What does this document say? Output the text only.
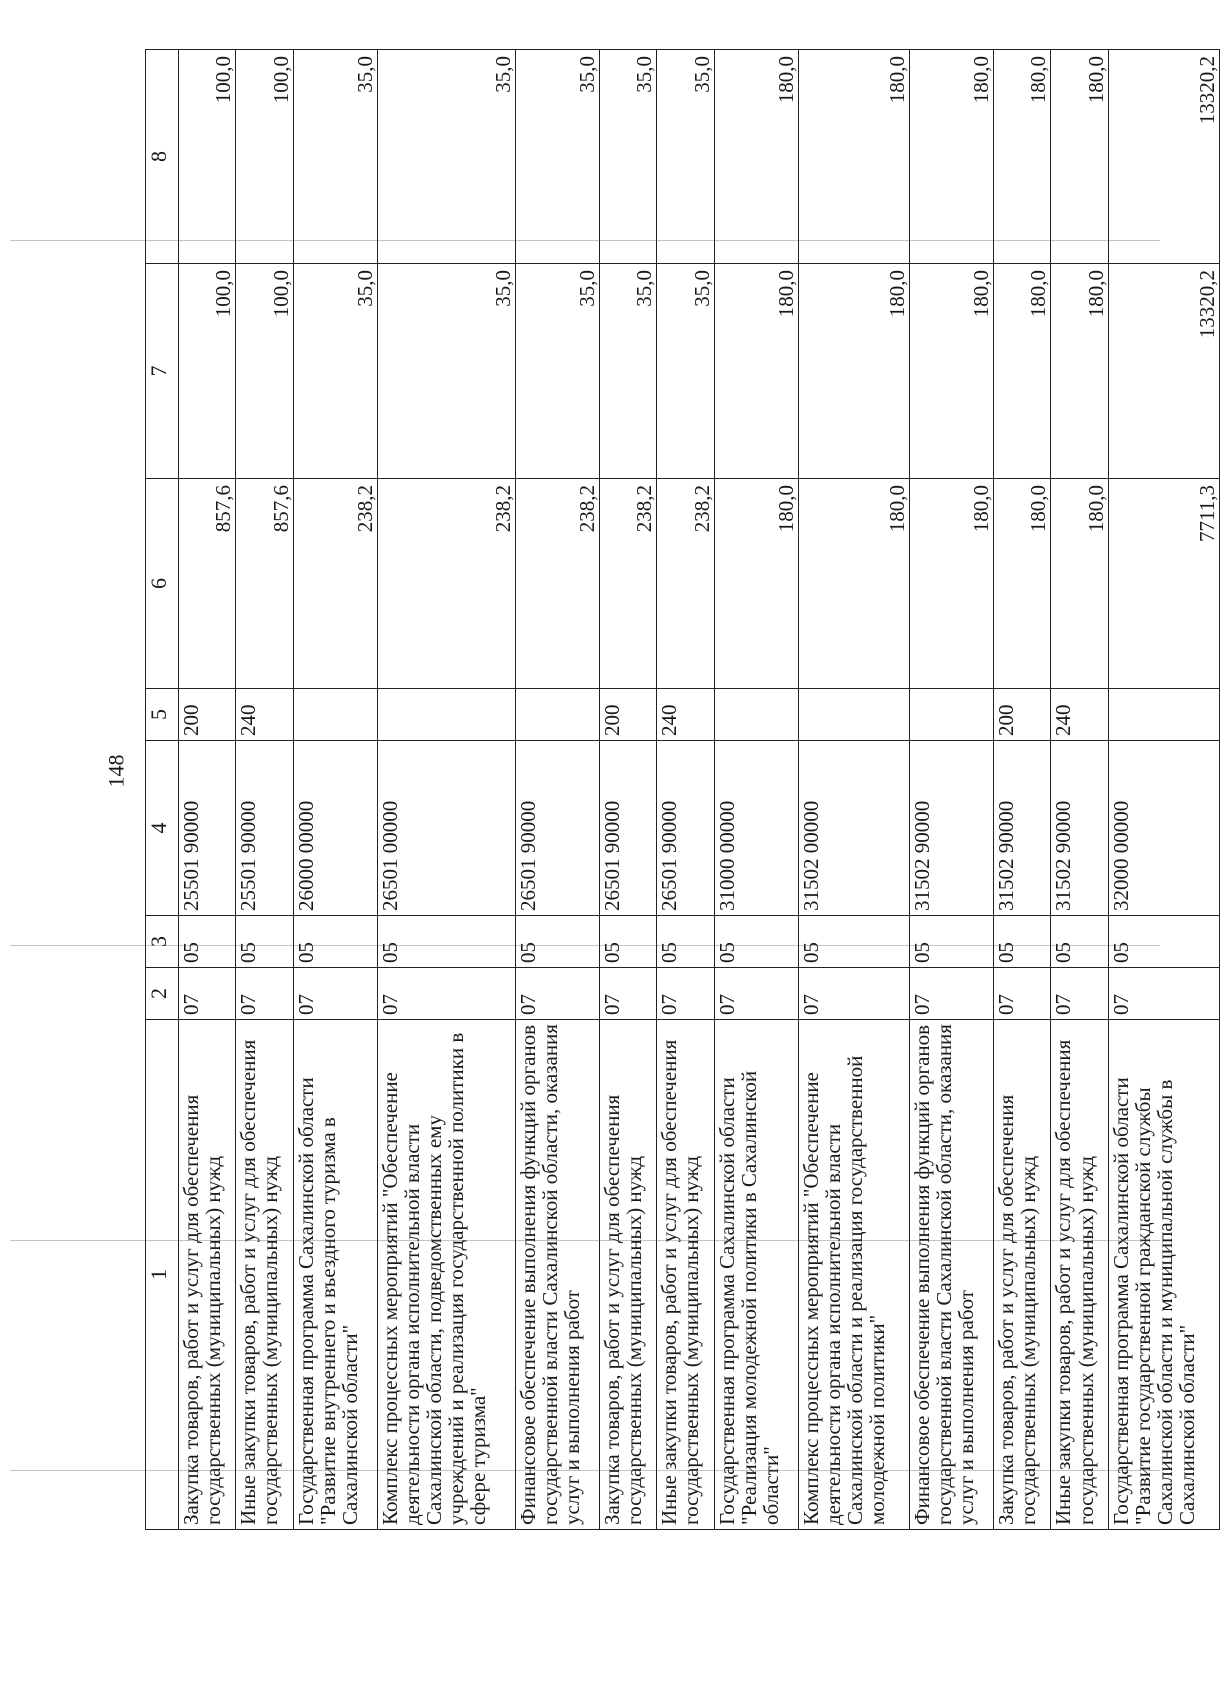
148
1	2	3	4	5	6	7	8
Закупка товаров, работ и услуг для обеспечения государственных (муниципальных) нужд	07	05	25501 90000	200	857,6	100,0	100,0
Иные закупки товаров, работ и услуг для обеспечения государственных (муниципальных) нужд	07	05	25501 90000	240	857,6	100,0	100,0
Государственная программа Сахалинской области "Развитие внутреннего и въездного туризма в Сахалинской области"	07	05	26000 00000		238,2	35,0	35,0
Комплекс процессных мероприятий "Обеспечение деятельности органа исполнительной власти Сахалинской области, подведомственных ему учреждений и реализация государственной политики в сфере туризма"	07	05	26501 00000		238,2	35,0	35,0
Финансовое обеспечение выполнения функций органов государственной власти Сахалинской области, оказания услуг и выполнения работ	07	05	26501 90000		238,2	35,0	35,0
Закупка товаров, работ и услуг для обеспечения государственных (муниципальных) нужд	07	05	26501 90000	200	238,2	35,0	35,0
Иные закупки товаров, работ и услуг для обеспечения государственных (муниципальных) нужд	07	05	26501 90000	240	238,2	35,0	35,0
Государственная программа Сахалинской области "Реализация молодежной политики в Сахалинской области"	07	05	31000 00000		180,0	180,0	180,0
Комплекс процессных мероприятий "Обеспечение деятельности органа исполнительной власти Сахалинской области и реализация государственной молодежной политики"	07	05	31502 00000		180,0	180,0	180,0
Финансовое обеспечение выполнения функций органов государственной власти Сахалинской области, оказания услуг и выполнения работ	07	05	31502 90000		180,0	180,0	180,0
Закупка товаров, работ и услуг для обеспечения государственных (муниципальных) нужд	07	05	31502 90000	200	180,0	180,0	180,0
Иные закупки товаров, работ и услуг для обеспечения государственных (муниципальных) нужд	07	05	31502 90000	240	180,0	180,0	180,0
Государственная программа Сахалинской области "Развитие государственной гражданской службы Сахалинской области и муниципальной службы в Сахалинской области"	07	05	32000 00000		7711,3	13320,2	13320,2
